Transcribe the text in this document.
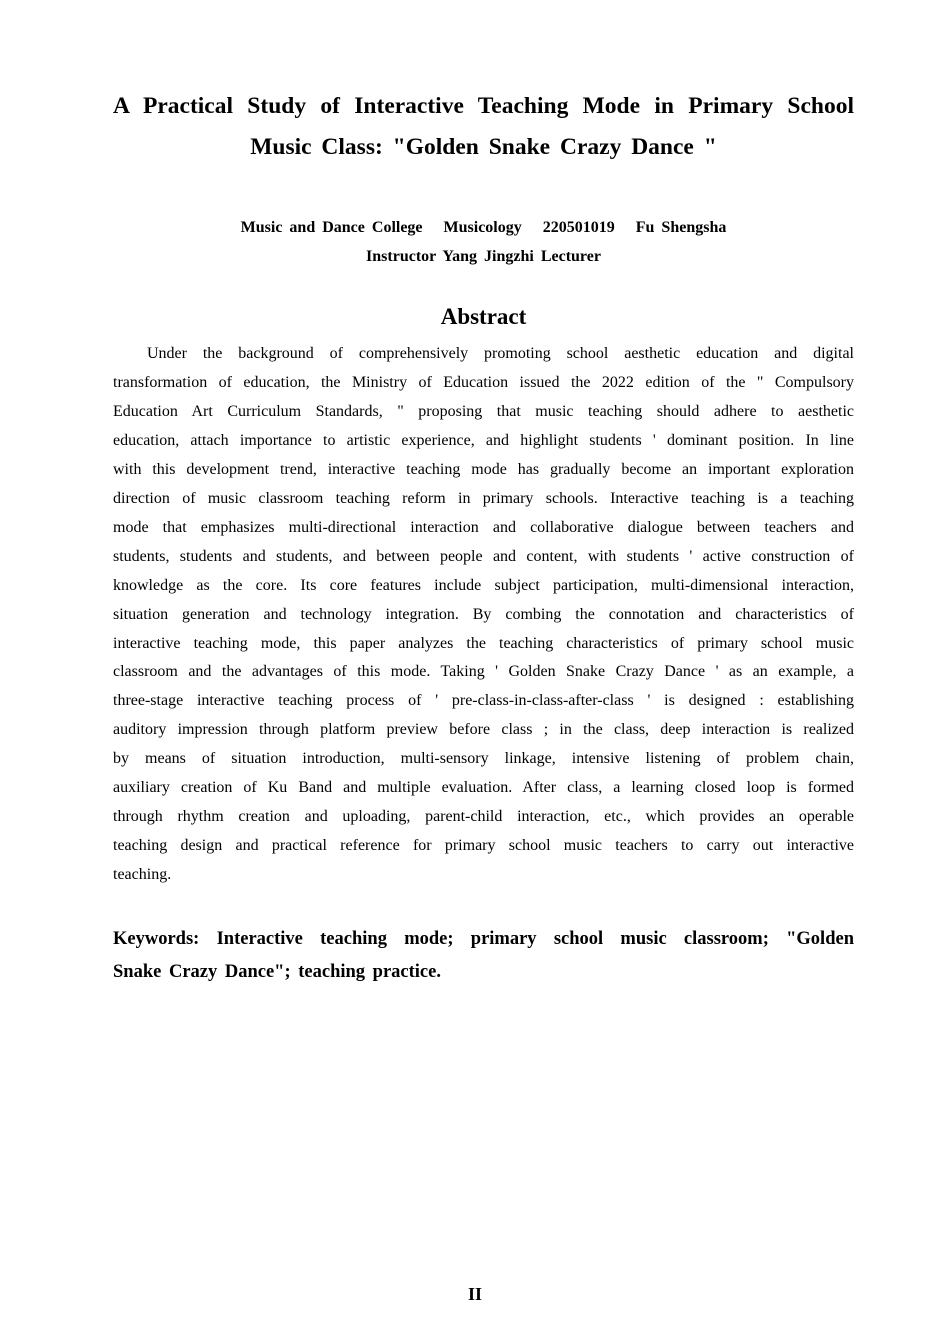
A Practical Study of Interactive Teaching Mode in Primary School
Music Class: "Golden Snake Crazy Dance "
Music and Dance College   Musicology   220501019   Fu Shengsha
Instructor Yang Jingzhi Lecturer
Abstract
Under the background of comprehensively promoting school aesthetic education and digital
transformation of education, the Ministry of Education issued the 2022 edition of the " Compulsory
Education Art Curriculum Standards, " proposing that music teaching should adhere to aesthetic
education, attach importance to artistic experience, and highlight students ' dominant position. In line
with this development trend, interactive teaching mode has gradually become an important exploration
direction of music classroom teaching reform in primary schools. Interactive teaching is a teaching
mode that emphasizes multi-directional interaction and collaborative dialogue between teachers and
students, students and students, and between people and content, with students ' active construction of
knowledge as the core. Its core features include subject participation, multi-dimensional interaction,
situation generation and technology integration. By combing the connotation and characteristics of
interactive teaching mode, this paper analyzes the teaching characteristics of primary school music
classroom and the advantages of this mode. Taking ' Golden Snake Crazy Dance ' as an example, a
three-stage interactive teaching process of ' pre-class-in-class-after-class ' is designed : establishing
auditory impression through platform preview before class ; in the class, deep interaction is realized
by means of situation introduction, multi-sensory linkage, intensive listening of problem chain,
auxiliary creation of Ku Band and multiple evaluation. After class, a learning closed loop is formed
through rhythm creation and uploading, parent-child interaction, etc., which provides an operable
teaching design and practical reference for primary school music teachers to carry out interactive
teaching.
Keywords: Interactive teaching mode; primary school music classroom; "Golden
Snake Crazy Dance"; teaching practice.
II
